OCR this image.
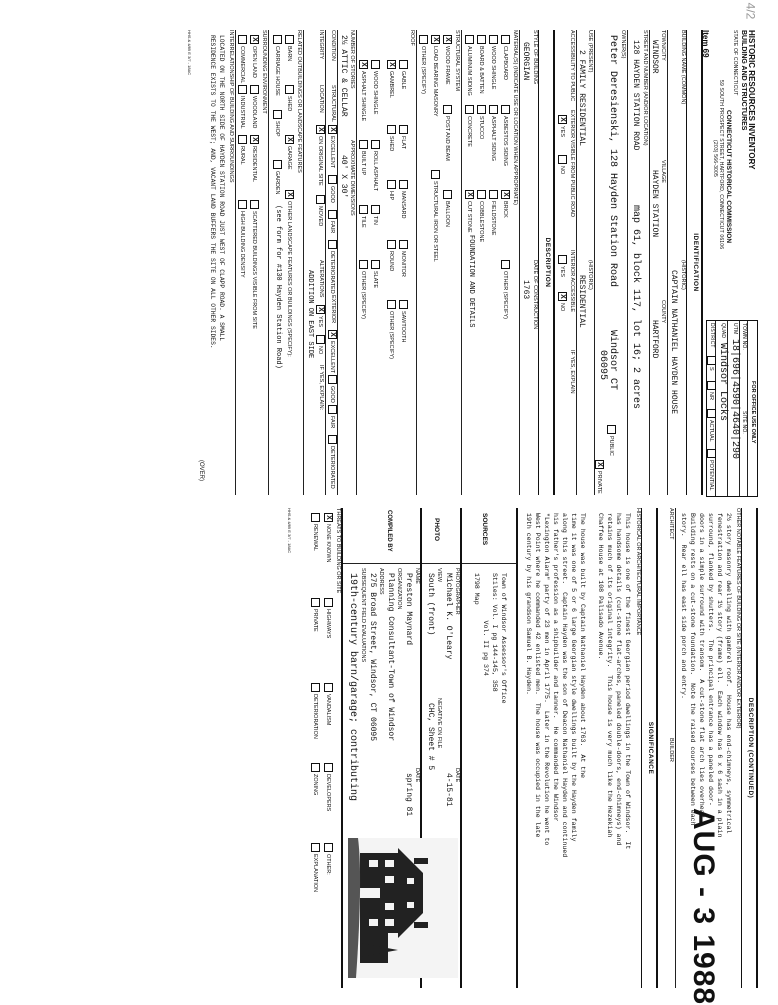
4/2
HISTORIC RESOURCES INVENTORY
BUILDING AND STRUCTURES
STATE OF CONNECTICUT
CONNECTICUT HISTORICAL COMMISSION
59 SOUTH PROSPECT STREET, HARTFORD, CONNECTICUT 06106
(203) 566-3005
Item 69
FOR OFFICE USE ONLY
TOWN NO.
SITE NO.
UTM
18|696|4590|4640|290
QUAD
Windsor Locks
DISTRICT
S
NR
ACTUAL
POTENTIAL
IDENTIFICATION
BUILDING NAME (COMMON)
(HISTORIC)
CAPTAIN NATHANIEL HAYDEN HOUSE
TOWN/CITY
VILLAGE
COUNTY
WINDSOR
HAYDEN STATION
HARTFORD
STREET AND NUMBER (AND/OR LOCATION)
128 HAYDEN STATION ROAD
map 61, block 117, lot 16; 2 acres
OWNER(S)
Peter Deresienski, 128 Hayden Station Road
Windsor CT
06095
PUBLIC
X
PRIVATE
USE (PRESENT)
(HISTORIC)
2 FAMILY RESIDENTIAL
RESIDENTIAL
ACCESSIBILITY TO PUBLIC
EXTERIOR VISIBLE FROM PUBLIC ROAD
INTERIOR ACCESSIBLE
IF YES, EXPLAIN
X
YES
NO
YES
X
NO
DESCRIPTION
STYLE OF BUILDING
DATE OF CONSTRUCTION
GEORGIAN
1763
MATERIAL(S) (INDICATE USE OR LOCATION WHEN APPROPRIATE)
CLAPBOARD
ASBESTOS SIDING
X
BRICK
OTHER (SPECIFY)
WOOD SHINGLE
ASPHALT SIDING
FIELDSTONE
BOARD & BATTEN
STUCCO
COBBLESTONE
ALUMINUM SIDING
CONCRETE
X
CUT STONE
FOUNDATION AND DETAILS
STRUCTURAL SYSTEM
X
WOOD FRAME
POST AND BEAM
BALLOON
X
LOAD BEARING MASONRY
STRUCTURAL IRON OR STEEL
OTHER (SPECIFY)
ROOF
GABLE
FLAT
MANSARD
MONITOR
SAWTOOTH
X
GAMBREL
SHED
HIP
ROUND
OTHER (SPECIFY)
WOOD SHINGLE
ROLL ASPHALT
TIN
SLATE
X
ASPHALT SHINGLE
BUILT UP
TILE
OTHER (SPECIFY)
NUMBER OF STORIES
APPROXIMATE DIMENSIONS
2½ ATTIC & CELLAR
40' X 30'
CONDITION
STRUCTURAL
X
EXCELLENT
GOOD
FAIR
DETERIORATED
EXTERIOR
X
EXCELLENT
GOOD
FAIR
DETERIORATED
INTEGRITY
LOCATION
X
ON ORIGINAL SITE
MOVED
ALTERATIONS
X
YES
NO
IF YES, EXPLAIN:
ADDITION ON EAST SIDE
RELATED OUTBUILDINGS OR LANDSCAPE FEATURES
BARN
SHED
X
GARAGE
X
OTHER LANDSCAPE FEATURES OR BUILDINGS (SPECIFY):
CARRIAGE HOUSE
SHOP
GARDEN
(see form for #130 Hayden Station Road)
SURROUNDING ENVIRONMENT
X
OPEN LAND
WOODLAND
X
RESIDENTIAL
SCATTERED BUILDINGS VISIBLE FROM SITE
COMMERCIAL
INDUSTRIAL
RURAL
HIGH BUILDING DENSITY
INTERRELATIONSHIP OF BUILDING AND SURROUNDINGS
LOCATED ON THE NORTH SIDE OF HAYDEN STATION ROAD JUST WEST OF CLAPP ROAD. A SMALL
RESIDENCE EXISTS TO THE WEST; AND, VACANT LAND BUFFERS THE SITE ON ALL OTHER SIDES.
(OVER)
HHS & 4/89 E 3/7 - 18AC
DESCRIPTION (CONTINUED)
OTHER NOTABLE FEATURES OF BUILDING OR SITE (INTERIOR AND/OR EXTERIOR)
2½ story masonry dwelling with gambrel roof.  House has end-chimneys, symmetrical
fenestration and rear 1½ story (frame) ell.  Each window has 6 x 6 sash in a plain
surround, flanked by shutters.  The principal entrance has a paneled door-
doors in a simple surround with transom.  A cut-stone flat arch lies overhead.
Building rests on a cut-stone foundation.  Note the raised courses between each
story.  Rear ell has east side porch and entry.
ARCHITECT
BUILDER
AUG - 3 1988
SIGNIFICANCE
HISTORICAL OR ARCHITECTURAL IMPORTANCE
This house is one of the finest Georgian period dwellings in the Town of Windsor.  It
has handsome details (cut-stone flat-arches, paneled double-doors, end-chimneys) and
retains much of its original integrity.  This house is very much like the Hezekiah
Chaffee House at 108 Palisado Avenue.

The house was built by Captain Nathaniel Hayden about 1763.  At the
time it was one of 5 or 6 large Georgian style dwellings built by the Hayden family
along this street.  Captain Hayden was the son of Deacon Nathaniel Hayden and continued
his father's profession as a shipbuilder and tanner.  He commanded the Windsor
"Lexington Alarm" party of 23 men in April 1775.  Later in the Revolution he went to
West Point where he commanded 42 enlisted men.  The house was occupied in the late
19th century by his grandson Samuel B. Hayden.
SOURCES
Town of Windsor Assessor's Office
Stiles: Vol. I pg 144-145, 358
Vol. II pg 374
1798 Map
PHOTO
PHOTOGRAPHER
Michael K. O'Leary
DATE
4-15-81
VIEW
South (front)
NEGATIVE ON FILE
CHC, Sheet # 5
COMPILED BY
NAME
Preston Maynard
DATE
spring 81
ORGANIZATION
Planning Consultant-Town of Windsor
ADDRESS
275 Broad Street, Windsor, CT 06095
SUBSEQUENT FIELD EVALUATIONS
19th-century barn/garage; contributing
THREATS TO BUILDING OR SITE
X
NONE KNOWN
HIGHWAYS
VANDALISM
DEVELOPERS
OTHER:
RENEWAL
PRIVATE
DETERIORATION
ZONING
EXPLANATION
HHS & 4/89 E 3/7 - 18AC
